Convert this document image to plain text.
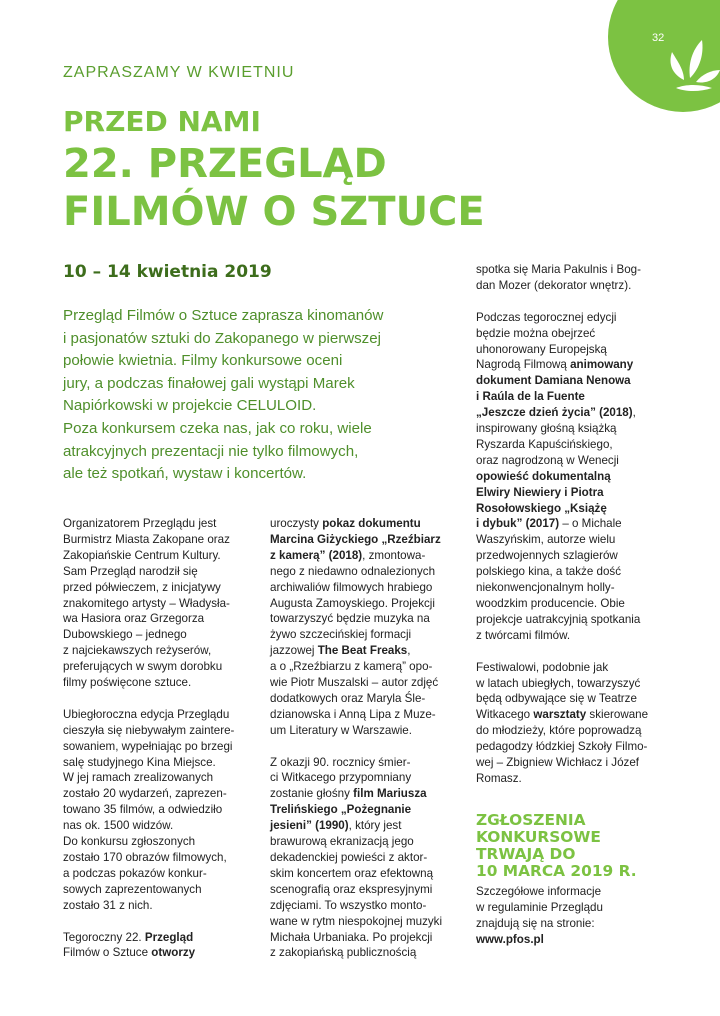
32
ZAPRASZAMY W KWIETNIU
PRZED NAMI
22. PRZEGLĄD
FILMÓW O SZTUCE
10 – 14 kwietnia 2019
Przegląd Filmów o Sztuce zaprasza kinomanów
i pasjonatów sztuki do Zakopanego w pierwszej
połowie kwietnia. Filmy konkursowe oceni
jury, a podczas finałowej gali wystąpi Marek
Napiórkowski w projekcie CELULOID.
Poza konkursem czeka nas, jak co roku, wiele
atrakcyjnych prezentacji nie tylko filmowych,
ale też spotkań, wystaw i koncertów.

Organizatorem Przeglądu jest
Burmistrz Miasta Zakopane oraz
Zakopiańskie Centrum Kultury.
Sam Przegląd narodził się
przed półwieczem, z inicjatywy
znakomitego artysty – Władysła-
wa Hasiora oraz Grzegorza
Dubowskiego – jednego
z najciekawszych reżyserów,
preferujących w swym dorobku
filmy poświęcone sztuce.

Ubiegłoroczna edycja Przeglądu
cieszyła się niebywałym zaintere-
sowaniem, wypełniając po brzegi
salę studyjnego Kina Miejsce.
W jej ramach zrealizowanych
zostało 20 wydarzeń, zaprezen-
towano 35 filmów, a odwiedziło
nas ok. 1500 widzów.
Do konkursu zgłoszonych
zostało 170 obrazów filmowych,
a podczas pokazów konkur-
sowych zaprezentowanych
zostało 31 z nich.

Tegoroczny 22. Przegląd
Filmów o Sztuce otworzy

uroczysty pokaz dokumentu
Marcina Giżyckiego „Rzeźbiarz
z kamerą” (2018), zmontowa-
nego z niedawno odnalezionych
archiwaliów filmowych hrabiego
Augusta Zamoyskiego. Projekcji
towarzyszyć będzie muzyka na
żywo szczecińskiej formacji
jazzowej The Beat Freaks,
a o „Rzeźbiarzu z kamerą” opo-
wie Piotr Muszalski – autor zdjęć
dodatkowych oraz Maryla Śle-
dzianowska i Anną Lipa z Muze-
um Literatury w Warszawie.

Z okazji 90. rocznicy śmier-
ci Witkacego przypomniany
zostanie głośny film Mariusza
Trelińskiego „Pożegnanie
jesieni” (1990), który jest
brawurową ekranizacją jego
dekadenckiej powieści z aktor-
skim koncertem oraz efektowną
scenografią oraz ekspresyjnymi
zdjęciami. To wszystko monto-
wane w rytm niespokojnej muzyki
Michała Urbaniaka. Po projekcji
z zakopiańską publicznością

spotka się Maria Pakulnis i Bog-
dan Mozer (dekorator wnętrz).

Podczas tegorocznej edycji
będzie można obejrzeć
uhonorowany Europejską
Nagrodą Filmową animowany
dokument Damiana Nenowa
i Raúla de la Fuente
„Jeszcze dzień życia” (2018),
inspirowany głośną książką
Ryszarda Kapuścińskiego,
oraz nagrodzoną w Wenecji
opowieść dokumentalną
Elwiry Niewiery i Piotra
Rosołowskiego „Książę
i dybuk” (2017) – o Michale
Waszyńskim, autorze wielu
przedwojennych szlagierów
polskiego kina, a także dość
niekonwencjonalnym holly-
woodzkim producencie. Obie
projekcje uatrakcyjnią spotkania
z twórcami filmów.

Festiwalowi, podobnie jak
w latach ubiegłych, towarzyszyć
będą odbywające się w Teatrze
Witkacego warsztaty skierowane
do młodzieży, które poprowadzą
pedagodzy łódzkiej Szkoły Filmo-
wej – Zbigniew Wichłacz i Józef
Romasz.

ZGŁOSZENIA
KONKURSOWE
TRWAJĄ DO
10 MARCA 2019 R.
Szczegółowe informacje
w regulaminie Przeglądu
znajdują się na stronie:
www.pfos.pl
